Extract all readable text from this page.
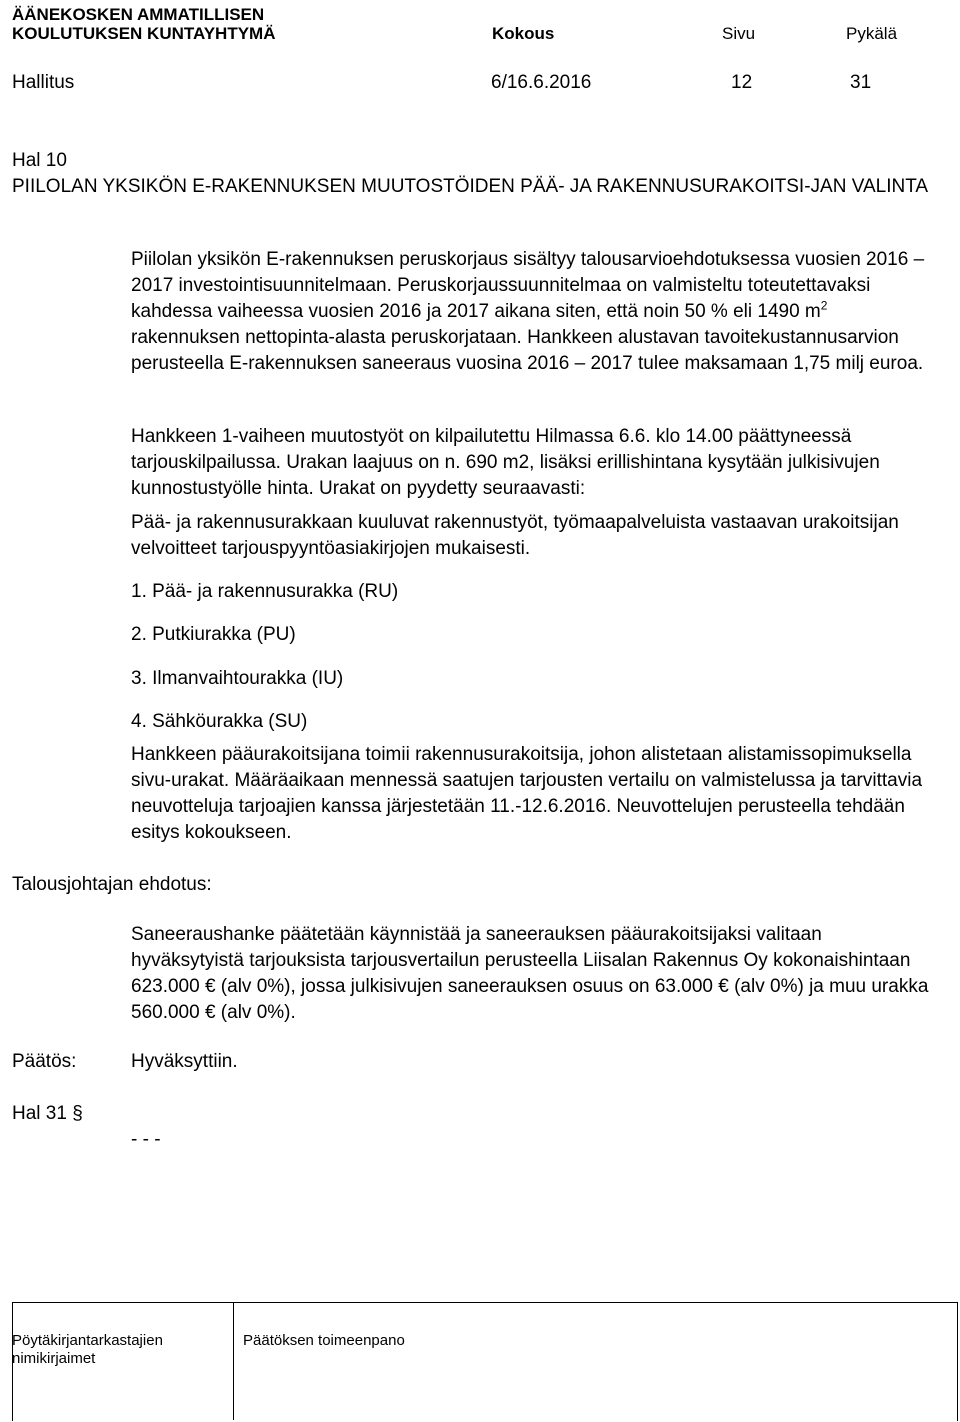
ÄÄNEKOSKEN AMMATILLISEN
KOULUTUKSEN KUNTAYHTYMÄ	Kokous	Sivu	Pykälä
Hallitus	6/16.6.2016	12	31
Hal 10
PIILOLAN YKSIKÖN E-RAKENNUKSEN MUUTOSTÖIDEN PÄÄ- JA RAKENNUSURAKOITSI-JAN VALINTA

Piilolan yksikön E-rakennuksen peruskorjaus sisältyy talousarvioehdotuksessa vuosien 2016 – 2017 investointisuunnitelmaan. Peruskorjaussuunnitelmaa on valmisteltu toteutettavaksi kahdessa vaiheessa vuosien 2016 ja 2017 aikana siten, että noin 50 % eli 1490 $m^2$ rakennuksen nettopinta-alasta peruskorjataan. Hankkeen alustavan tavoitekustannusarvion perusteella E-rakennuksen saneeraus vuosina 2016 – 2017 tulee maksamaan 1,75 milj euroa.

Hankkeen 1-vaiheen muutostyöt on kilpailutettu Hilmassa 6.6. klo 14.00 päättyneessä tarjouskilpailussa. Urakan laajuus on n. 690 m2, lisäksi erillishintana kysytään julkisivujen kunnostustyölle hinta. Urakat on pyydetty seuraavasti:

Pää- ja rakennusurakkaan kuuluvat rakennustyöt, työmaapalveluista vastaavan urakoitsijan velvoitteet tarjouspyyntöasiakirjojen mukaisesti.

1. Pää- ja rakennusurakka (RU)
2. Putkiurakka (PU)
3. Ilmanvaihtourakka (IU)
4. Sähköurakka (SU)

Hankkeen pääurakoitsijana toimii rakennusurakoitsija, johon alistetaan alistamissopimuksella sivu-urakat. Määräaikaan mennessä saatujen tarjousten vertailu on valmistelussa ja tarvittavia neuvotteluja tarjoajien kanssa järjestetään 11.-12.6.2016. Neuvottelujen perusteella tehdään esitys kokoukseen.

Talousjohtajan ehdotus:

Saneeraushanke päätetään käynnistää ja saneerauksen pääurakoitsijaksi valitaan hyväksytyistä tarjouksista tarjousvertailun perusteella Liisalan Rakennus Oy kokonaishintaan 623.000 € (alv 0%), jossa julkisivujen saneerauksen osuus on 63.000 € (alv 0%) ja muu urakka 560.000 € (alv 0%).

Päätös:	Hyväksyttiin.
Hal 31 §
- - -
Pöytäkirjantarkastajien
nimikirjaimet
Päätöksen toimeenpano
